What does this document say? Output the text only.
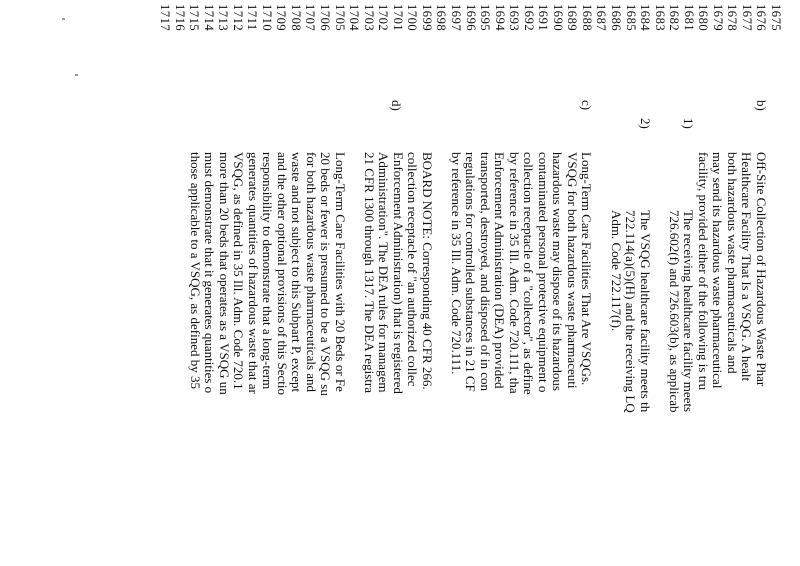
1675
1676
1677
1678
1679
1680
1681
1682
1683
1684
1685
1686
1687
1688
1689
1690
1691
1692
1693
1694
1695
1696
1697
1698
1699
1700
1701
1702
1703
1704
1705
1706
1707
1708
1709
1710
1711
1712
1713
1714
1715
1716
1717
b)
1)
2)
c)
d)
Off-Site Collection of Hazardous Waste Phar
Healthcare Facility That Is a VSQG. A healt
both hazardous waste pharmaceuticals and
may send its hazardous waste pharmaceutical
facility, provided either of the following is tru
The receiving healthcare facility meets
726.602(f) and 726.603(b), as applicab
The VSQG healthcare facility meets th
722.114(a)(5)(H) and the receiving LQ
Adm. Code 722.117(f).
Long-Term Care Facilities That Are VSQGs.
VSQG for both hazardous waste pharmaceuti
hazardous waste may dispose of its hazardous
contaminated personal protective equipment o
collection receptacle of a "collector", as define
by reference in 35 Ill. Adm. Code 720.111, tha
Enforcement Administration (DEA) provided
transported, destroyed, and disposed of in con
regulations for controlled substances in 21 CF
by reference in 35 Ill. Adm. Code 720.111.
BOARD NOTE: Corresponding 40 CFR 266.
collection receptacle of "an authorized collec
Enforcement Administration) that is registered
Administration". The DEA rules for managem
21 CFR 1300 through 1317. The DEA registra
Long-Term Care Facilities with 20 Beds or Fe
20 beds or fewer is presumed to be a VSQG su
for both hazardous waste pharmaceuticals and
waste and not subject to this Subpart P, except
and the other optional provisions of this Sectio
responsibility to demonstrate that a long-term
generates quantities of hazardous waste that ar
VSQG, as defined in 35 Ill. Adm. Code 720.1
more than 20 beds that operates as a VSQG un
must demonstrate that it generates quantities o
those applicable to a VSQG, as defined by 35
